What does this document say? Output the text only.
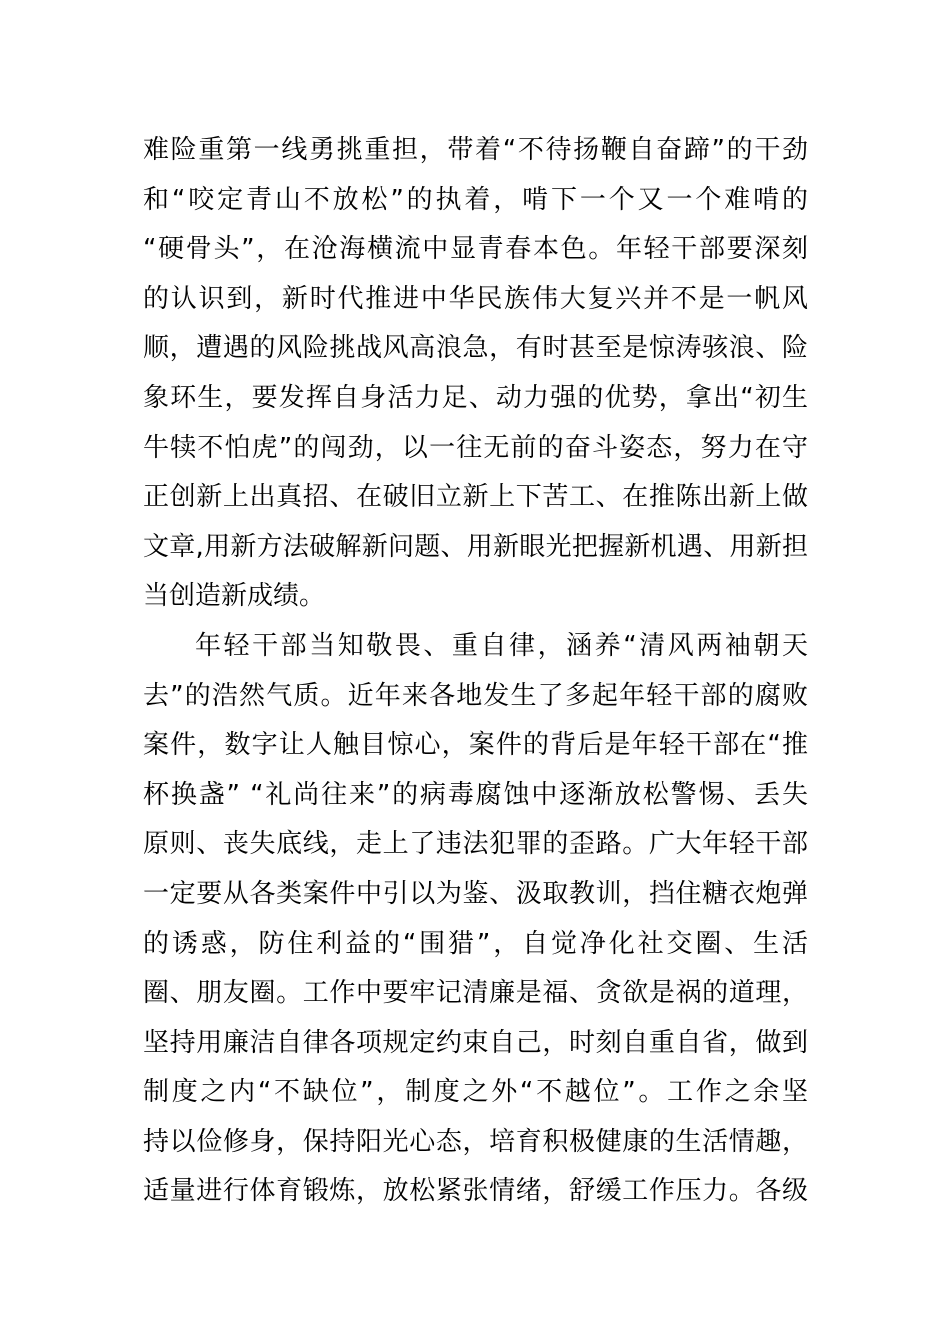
难险重第一线勇挑重担，带着“不待扬鞭自奋蹄”的干劲
和“咬定青山不放松”的执着，啃下一个又一个难啃的
“硬骨头”，在沧海横流中显青春本色。年轻干部要深刻
的认识到，新时代推进中华民族伟大复兴并不是一帆风
顺，遭遇的风险挑战风高浪急，有时甚至是惊涛骇浪、险
象环生，要发挥自身活力足、动力强的优势，拿出“初生
牛犊不怕虎”的闯劲，以一往无前的奋斗姿态，努力在守
正创新上出真招、在破旧立新上下苦工、在推陈出新上做
文章,用新方法破解新问题、用新眼光把握新机遇、用新担
当创造新成绩。
年轻干部当知敬畏、重自律，涵养“清风两袖朝天
去”的浩然气质。近年来各地发生了多起年轻干部的腐败
案件，数字让人触目惊心，案件的背后是年轻干部在“推
杯换盏” “礼尚往来”的病毒腐蚀中逐渐放松警惕、丢失
原则、丧失底线，走上了违法犯罪的歪路。广大年轻干部
一定要从各类案件中引以为鉴、汲取教训，挡住糖衣炮弹
的诱惑，防住利益的“围猎”，自觉净化社交圈、生活
圈、朋友圈。工作中要牢记清廉是福、贪欲是祸的道理，
坚持用廉洁自律各项规定约束自己，时刻自重自省，做到
制度之内“不缺位”，制度之外“不越位”。工作之余坚
持以俭修身，保持阳光心态，培育积极健康的生活情趣，
适量进行体育锻炼，放松紧张情绪，舒缓工作压力。各级
